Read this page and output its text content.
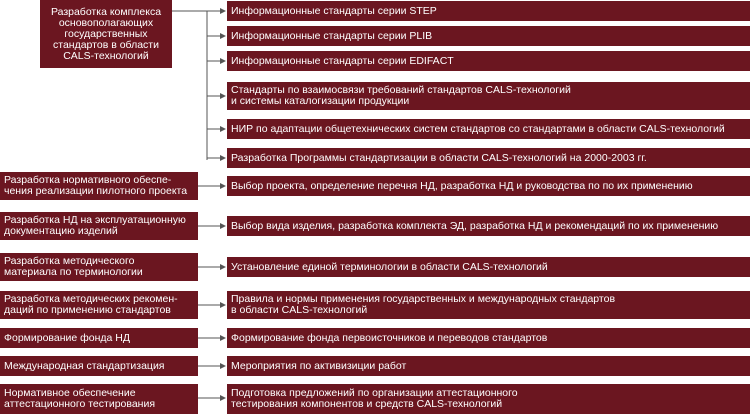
Разработка комплекса
основополагающих
государственных
стандартов в области
CALS-технологий
Информационные стандарты серии STEP
Информационные стандарты серии PLIB
Информационные стандарты серии EDIFACT
Стандарты по взаимосвязи требований стандартов CALS-технологий
и системы каталогизации продукции
НИР по адаптации общетехнических систем стандартов со стандартами в области CALS-технологий
Разработка Программы стандартизации в области CALS-технологий на 2000-2003 гг.
Разработка нормативного обеспе-
чения реализации пилотного проекта
Разработка НД на эксплуатационную
документацию изделий
Разработка методического
материала по терминологии
Разработка методических рекомен-
даций по применению стандартов
Формирование фонда НД
Международная стандартизация
Нормативное обеспечение
аттестационного тестирования
Выбор проекта, определение перечня НД, разработка НД и руководства по по их применению
Выбор вида изделия, разработка комплекта ЭД, разработка НД и рекомендаций по их применению
Установление единой терминологии в области CALS-технологий
Правила и нормы применения государственных и международных стандартов
в области CALS-технологий
Формирование фонда первоисточников и переводов стандартов
Мероприятия по активизиции работ
Подготовка предложений по организации аттестационного
тестирования компонентов и средств CALS-технологий
